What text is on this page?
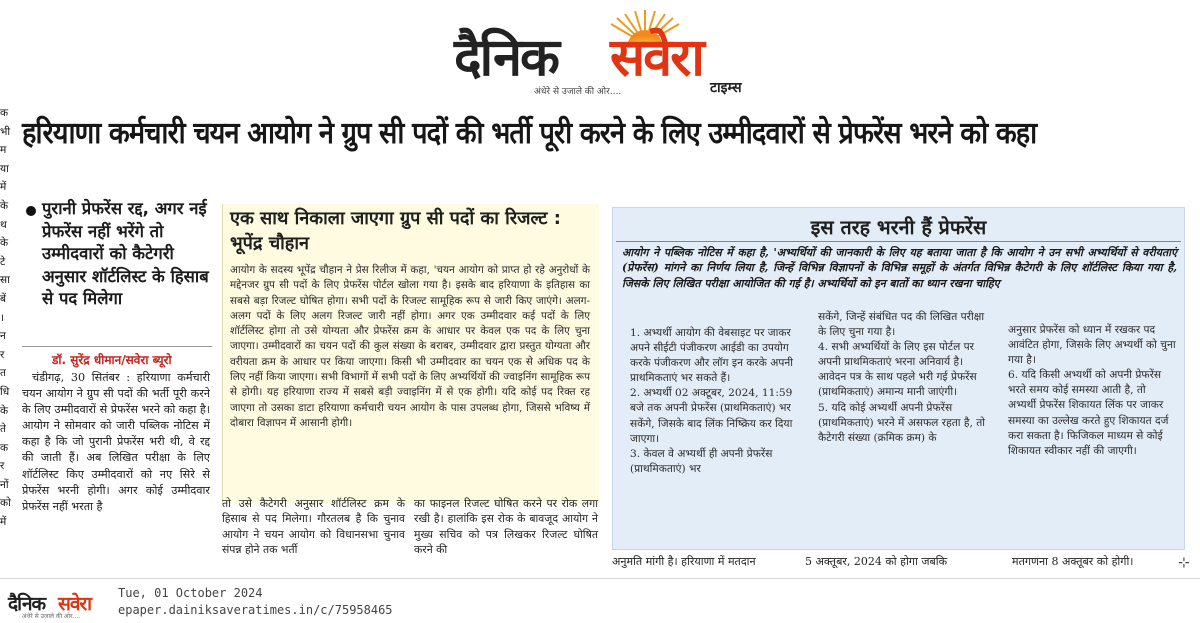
दैनिक सवेरा
अंधेरे से उजाले की ओर....	टाइम्स
क
भी
म
या
में
के
थ
के
टे
सा
बें
।
न
र
त
धि
के
ते
क
र
नों
को
में
हरियाणा कर्मचारी चयन आयोग ने ग्रुप सी पदों की भर्ती पूरी करने के लिए उम्मीदवारों से प्रेफरेंस भरने को कहा
पुरानी प्रेफरेंस रद्द, अगर नई प्रेफरेंस नहीं भरेंगे तो उम्मीदवारों को कैटेगरी अनुसार शॉर्टलिस्ट के हिसाब से पद मिलेगा
डॉ. सुरेंद्र धीमान/सवेरा ब्यूरो

चंडीगढ़, 30 सितंबर : हरियाणा कर्मचारी चयन आयोग ने ग्रुप सी पदों की भर्ती पूरी करने के लिए उम्मीदवारों से प्रेफरेंस भरने को कहा है। आयोग ने सोमवार को जारी पब्लिक नोटिस में कहा है कि जो पुरानी प्रेफरेंस भरी थी, वे रद्द की जाती हैं। अब लिखित परीक्षा के लिए शॉर्टलिस्ट किए उम्मीदवारों को नए सिरे से प्रेफरेंस भरनी होगी। अगर कोई उम्मीदवार प्रेफरेंस नहीं भरता है

एक साथ निकाला जाएगा ग्रुप सी पदों का रिजल्ट : भूपेंद्र चौहान
आयोग के सदस्य भूपेंद्र चौहान ने प्रेस रिलीज में कहा, 'चयन आयोग को प्राप्त हो रहे अनुरोधों के मद्देनजर ग्रुप सी पदों के लिए प्रेफरेंस पोर्टल खोला गया है। इसके बाद हरियाणा के इतिहास का सबसे बड़ा रिजल्ट घोषित होगा। सभी पदों के रिजल्ट सामूहिक रूप से जारी किए जाएंगे। अलग-अलग पदों के लिए अलग रिजल्ट जारी नहीं होगा। अगर एक उम्मीदवार कई पदों के लिए शॉर्टलिस्ट होगा तो उसे योग्यता और प्रेफरेंस क्रम के आधार पर केवल एक पद के लिए चुना जाएगा। उम्मीदवारों का चयन पदों की कुल संख्या के बराबर, उम्मीदवार द्वारा प्रस्तुत योग्यता और वरीयता क्रम के आधार पर किया जाएगा। किसी भी उम्मीदवार का चयन एक से अधिक पद के लिए नहीं किया जाएगा। सभी विभागों में सभी पदों के लिए अभ्यर्थियों की ज्वाइनिंग सामूहिक रूप से होगी। यह हरियाणा राज्य में सबसे बड़ी ज्वाइनिंग में से एक होगी। यदि कोई पद रिक्त रह जाएगा तो उसका डाटा हरियाणा कर्मचारी चयन आयोग के पास उपलब्ध होगा, जिससे भविष्य में दोबारा विज्ञापन में आसानी होगी।
तो उसे कैटेगरी अनुसार शॉर्टलिस्ट क्रम के हिसाब से पद मिलेगा। गौरतलब है कि चुनाव आयोग ने चयन आयोग को विधानसभा चुनाव संपन्न होने तक भर्ती
का फाइनल रिजल्ट घोषित करने पर रोक लगा रखी है। हालांकि इस रोक के बावजूद आयोग ने मुख्य सचिव को पत्र लिखकर रिजल्ट घोषित करने की
इस तरह भरनी हैं प्रेफरेंस
आयोग ने पब्लिक नोटिस में कहा है, 'अभ्यर्थियों की जानकारी के लिए यह बताया जाता है कि आयोग ने उन सभी अभ्यर्थियों से वरीयताएं (प्रेफरेंस) मांगने का निर्णय लिया है, जिन्हें विभिन्न विज्ञापनों के विभिन्न समूहों के अंतर्गत विभिन्न कैटेगरी के लिए शॉर्टलिस्ट किया गया है, जिसके लिए लिखित परीक्षा आयोजित की गई है। अभ्यर्थियों को इन बातों का ध्यान रखना चाहिए

1. अभ्यर्थी आयोग की वेबसाइट पर जाकर अपने सीईटी पंजीकरण आईडी का उपयोग करके पंजीकरण और लॉग इन करके अपनी प्राथमिकताएं भर सकते हैं।

2. अभ्यर्थी 02 अक्टूबर, 2024, 11:59 बजे तक अपनी प्रेफरेंस (प्राथमिकताएं) भर सकेंगे, जिसके बाद लिंक निष्क्रिय कर दिया जाएगा।

3. केवल वे अभ्यर्थी ही अपनी प्रेफरेंस (प्राथमिकताएं) भर

सकेंगे, जिन्हें संबंधित पद की लिखित परीक्षा के लिए चुना गया है।

4. सभी अभ्यर्थियों के लिए इस पोर्टल पर अपनी प्राथमिकताएं भरना अनिवार्य है। आवेदन पत्र के साथ पहले भरी गई प्रेफरेंस (प्राथमिकताएं) अमान्य मानी जाएंगी।

5. यदि कोई अभ्यर्थी अपनी प्रेफरेंस (प्राथमिकताएं) भरने में असफल रहता है, तो कैटेगरी संख्या (क्रमिक क्रम) के

अनुसार प्रेफरेंस को ध्यान में रखकर पद आवंटित होगा, जिसके लिए अभ्यर्थी को चुना गया है।

6. यदि किसी अभ्यर्थी को अपनी प्रेफरेंस भरते समय कोई समस्या आती है, तो अभ्यर्थी प्रेफरेंस शिकायत लिंक पर जाकर समस्या का उल्लेख करते हुए शिकायत दर्ज करा सकता है। फिजिकल माध्यम से कोई शिकायत स्वीकार नहीं की जाएगी।

अनुमति मांगी है। हरियाणा में मतदान	5 अक्तूबर, 2024 को होगा जबकि	मतगणना 8 अक्तूबर को होगी।	⊹
दैनिक सवेरा
अंधेरे से उजाले की ओर....
Tue, 01 October 2024
epaper.dainiksaveratimes.in/c/75958465
